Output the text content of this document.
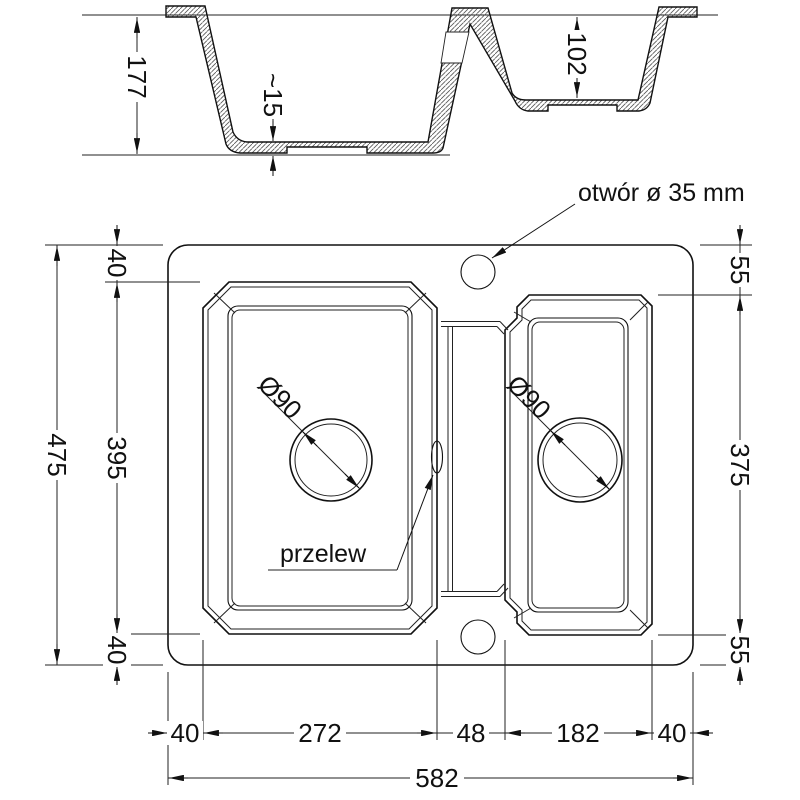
177	~15
102
otwór ø 35 mm
przelew
Ø90	Ø90
475
40
395
40
55
375
55
40	272	48	182 40
582
